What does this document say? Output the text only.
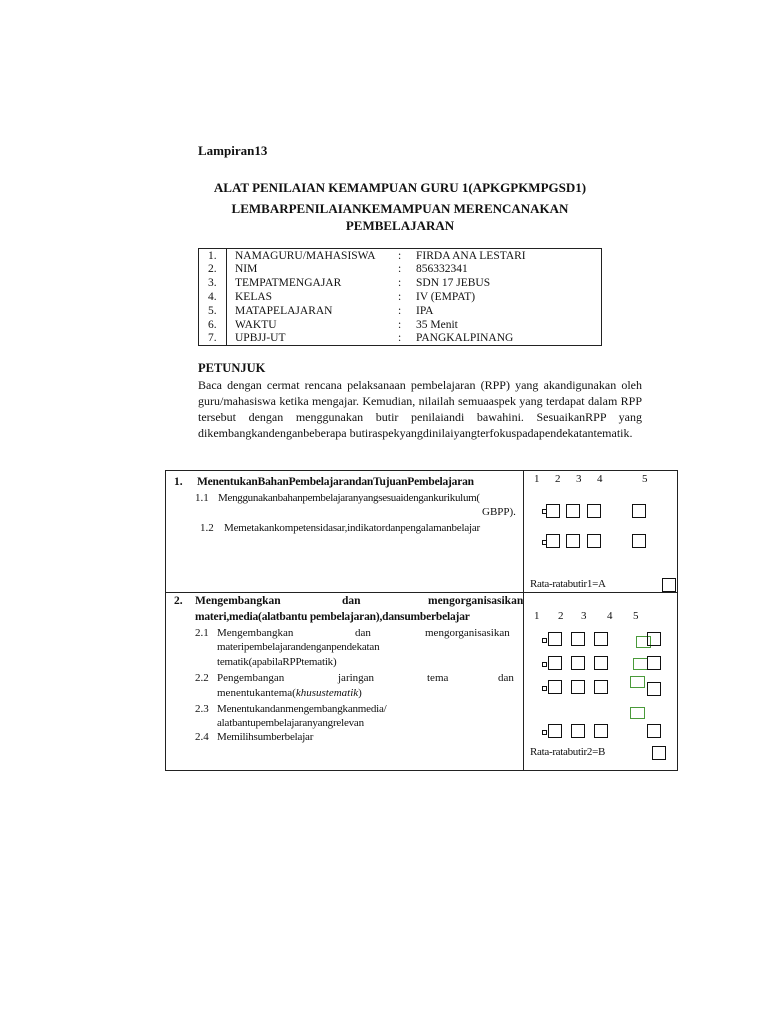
Lampiran13
ALAT PENILAIAN KEMAMPUAN GURU 1(APKGPKMPGSD1)
LEMBARPENILAIANKEMAMPUAN MERENCANAKAN
PEMBELAJARAN
1.	NAMAGURU/MAHASISWA : FIRDA ANA LESTARI
2.	NIM	: 856332341
3.	TEMPATMENGAJAR	: SDN 17 JEBUS
4.	KELAS	: IV (EMPAT)
5.	MATAPELAJARAN	: IPA
6.	WAKTU	: 35 Menit
7.	UPBJJ-UT	: PANGKALPINANG
PETUNJUK
Baca dengan cermat rencana pelaksanaan pembelajaran (RPP) yang akandigunakan oleh guru/mahasiswa ketika mengajar. Kemudian, nilailah semuaaspek yang terdapat dalam RPP tersebut dengan menggunakan butir penilaiandi bawahini. SesuaikanRPP yang dikembangkandenganbeberapa butiraspekyangdinilaiyangterfokuspadapendekatantematik.
1. MenentukanBahanPembelajarandanTujuanPembelajaran
1.1 Menggunakanbahanpembelajaranyangsesuaidengankurikulum(
GBPP).
1.2 Memetakankompetensidasar,indikatordanpengalamanbelajar
1 2 3 4	5
Rata-ratabutir1=A
2. Mengembangkan	dan	mengorganisasikan
materi,media(alatbantu pembelajaran),dansumberbelajar
2.1 Mengembangkan	dan	mengorganisasikan
materipembelajarandenganpendekatan
tematik(apabilaRPPtematik)
2.2 Pengembangan	jaringan	tema	dan
menentukantema(khusustematik)
2.3 Menentukandanmengembangkanmedia/
alatbantupembelajaranyangrelevan
2.4 Memilihsumberbelajar
1 2 3 4 5
Rata-ratabutir2=B
